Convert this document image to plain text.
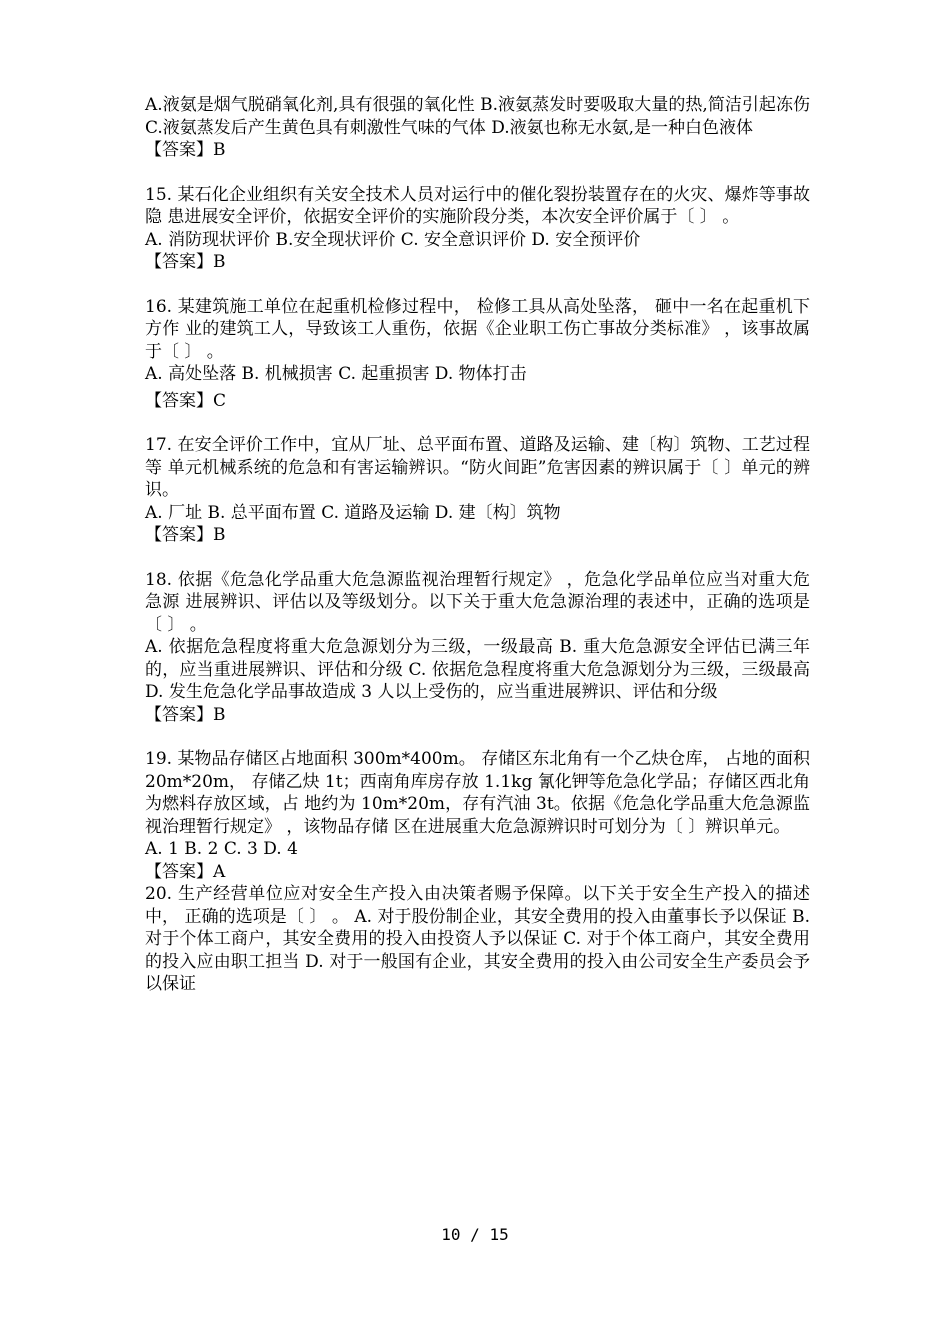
A.液氨是烟气脱硝氧化剂,具有很强的氧化性 B.液氨蒸发时要吸取大量的热,简洁引起冻伤 C.液氨蒸发后产生黄色具有刺激性气味的气体 D.液氨也称无水氨,是一种白色液体

【答案】B

15. 某石化企业组织有关安全技术人员对运行中的催化裂扮装置存在的火灾、爆炸等事故隐 患进展安全评价，依据安全评价的实施阶段分类，本次安全评价属于〔 〕 。

A. 消防现状评价 B.安全现状评价 C. 安全意识评价 D. 安全预评价

【答案】B

16. 某建筑施工单位在起重机检修过程中， 检修工具从高处坠落， 砸中一名在起重机下方作 业的建筑工人，导致该工人重伤，依据《企业职工伤亡事故分类标准》 ，该事故属于〔 〕 。

A. 高处坠落 B. 机械损害 C. 起重损害 D. 物体打击

【答案】C

17. 在安全评价工作中，宜从厂址、总平面布置、道路及运输、建〔构〕筑物、工艺过程等 单元机械系统的危急和有害运输辨识。“防火间距”危害因素的辨识属于〔 〕单元的辨识。

A. 厂址 B. 总平面布置 C. 道路及运输 D. 建〔构〕筑物

【答案】B

18. 依据《危急化学品重大危急源监视治理暂行规定》 ，危急化学品单位应当对重大危急源 进展辨识、评估以及等级划分。以下关于重大危急源治理的表述中，正确的选项是〔 〕 。

A. 依据危急程度将重大危急源划分为三级，一级最高 B. 重大危急源安全评估已满三年的，应当重进展辨识、评估和分级 C. 依据危急程度将重大危急源划分为三级，三级最高 D. 发生危急化学品事故造成 3 人以上受伤的，应当重进展辨识、评估和分级

【答案】B

19. 某物品存储区占地面积 300m*400m。 存储区东北角有一个乙炔仓库， 占地的面积 20m*20m， 存储乙炔 1t；西南角库房存放 1.1kg 氰化钾等危急化学品；存储区西北角为燃料存放区域，占 地约为 10m*20m，存有汽油 3t。依据《危急化学品重大危急源监视治理暂行规定》 ，该物品存储 区在进展重大危急源辨识时可划分为〔 〕辨识单元。

A. 1 B. 2 C. 3 D. 4

【答案】A

20. 生产经营单位应对安全生产投入由决策者赐予保障。以下关于安全生产投入的描述中， 正确的选项是〔 〕 。 A. 对于股份制企业，其安全费用的投入由董事长予以保证 B. 对于个体工商户，其安全费用的投入由投资人予以保证 C. 对于个体工商户，其安全费用的投入应由职工担当 D. 对于一般国有企业，其安全费用的投入由公司安全生产委员会予以保证

10 / 15
